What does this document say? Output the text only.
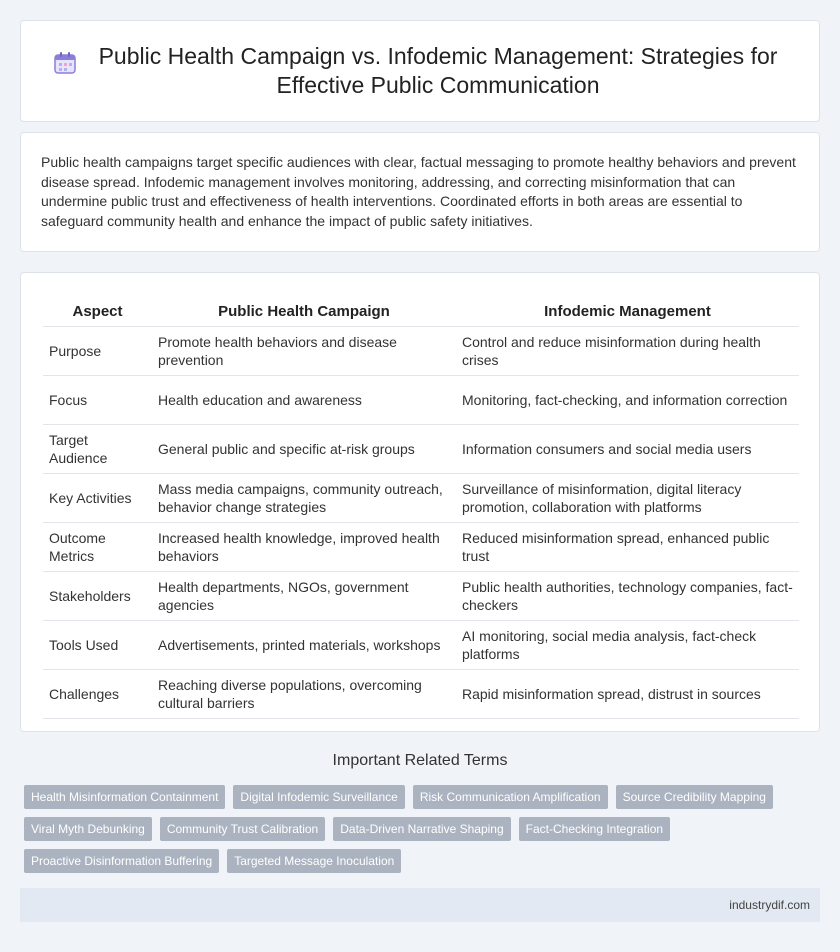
Public Health Campaign vs. Infodemic Management: Strategies for Effective Public Communication

Public health campaigns target specific audiences with clear, factual messaging to promote healthy behaviors and prevent disease spread. Infodemic management involves monitoring, addressing, and correcting misinformation that can undermine public trust and effectiveness of health interventions. Coordinated efforts in both areas are essential to safeguard community health and enhance the impact of public safety initiatives.

Aspect	Public Health Campaign	Infodemic Management
Purpose	Promote health behaviors and disease prevention	Control and reduce misinformation during health crises
Focus	Health education and awareness	Monitoring, fact-checking, and information correction
Target Audience	General public and specific at-risk groups	Information consumers and social media users
Key Activities	Mass media campaigns, community outreach, behavior change strategies	Surveillance of misinformation, digital literacy promotion, collaboration with platforms
Outcome Metrics	Increased health knowledge, improved health behaviors	Reduced misinformation spread, enhanced public trust
Stakeholders	Health departments, NGOs, government agencies	Public health authorities, technology companies, fact-checkers
Tools Used	Advertisements, printed materials, workshops	AI monitoring, social media analysis, fact-check platforms
Challenges	Reaching diverse populations, overcoming cultural barriers	Rapid misinformation spread, distrust in sources
Important Related Terms
Health Misinformation Containment	Digital Infodemic Surveillance	Risk Communication Amplification	Source Credibility Mapping
Viral Myth Debunking	Community Trust Calibration	Data-Driven Narrative Shaping	Fact-Checking Integration
Proactive Disinformation Buffering	Targeted Message Inoculation
industrydif.com
